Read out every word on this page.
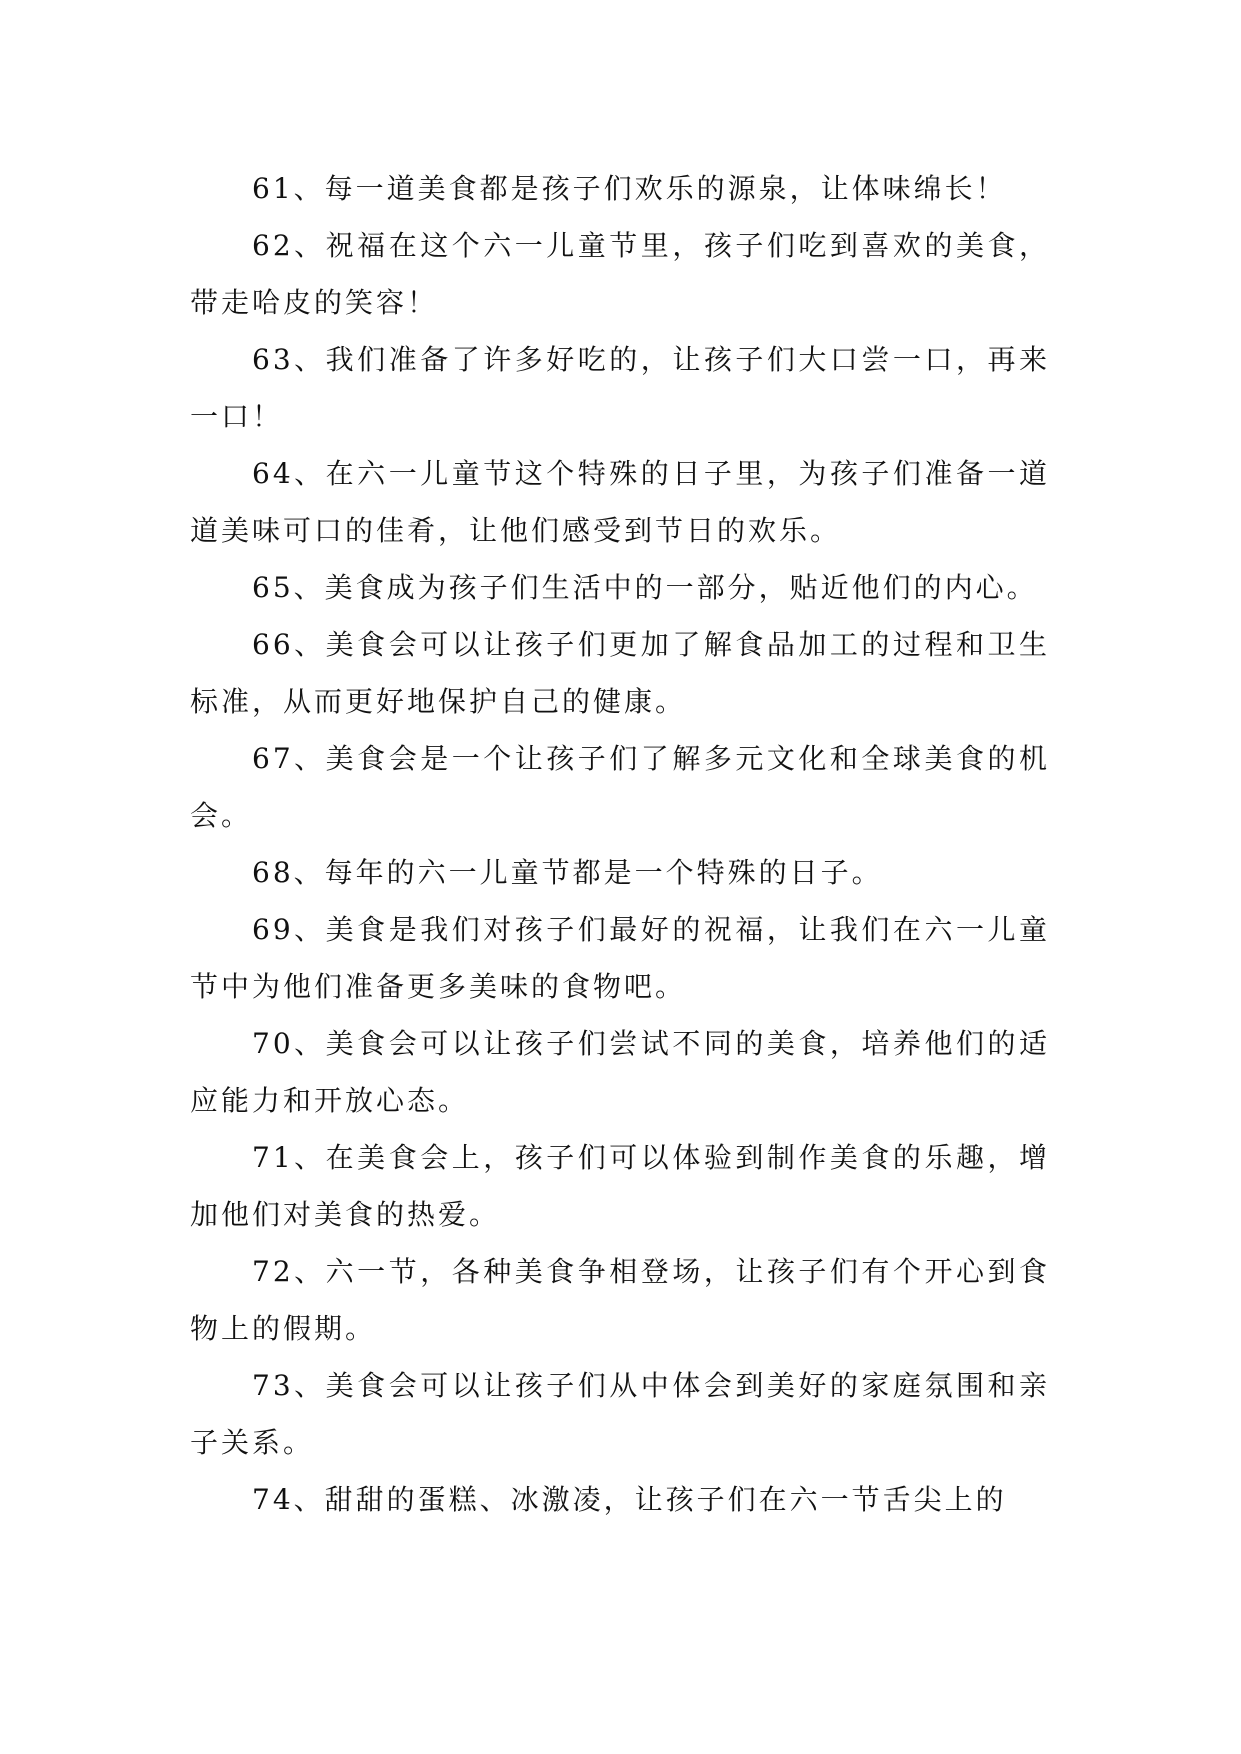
61、每一道美食都是孩子们欢乐的源泉，让体味绵长！

62、祝福在这个六一儿童节里，孩子们吃到喜欢的美食，带走哈皮的笑容！

63、我们准备了许多好吃的，让孩子们大口尝一口，再来一口！

64、在六一儿童节这个特殊的日子里，为孩子们准备一道道美味可口的佳肴，让他们感受到节日的欢乐。

65、美食成为孩子们生活中的一部分，贴近他们的内心。

66、美食会可以让孩子们更加了解食品加工的过程和卫生标准，从而更好地保护自己的健康。

67、美食会是一个让孩子们了解多元文化和全球美食的机会。

68、每年的六一儿童节都是一个特殊的日子。

69、美食是我们对孩子们最好的祝福，让我们在六一儿童节中为他们准备更多美味的食物吧。

70、美食会可以让孩子们尝试不同的美食，培养他们的适应能力和开放心态。

71、在美食会上，孩子们可以体验到制作美食的乐趣，增加他们对美食的热爱。

72、六一节，各种美食争相登场，让孩子们有个开心到食物上的假期。

73、美食会可以让孩子们从中体会到美好的家庭氛围和亲子关系。

74、甜甜的蛋糕、冰激凌，让孩子们在六一节舌尖上的
